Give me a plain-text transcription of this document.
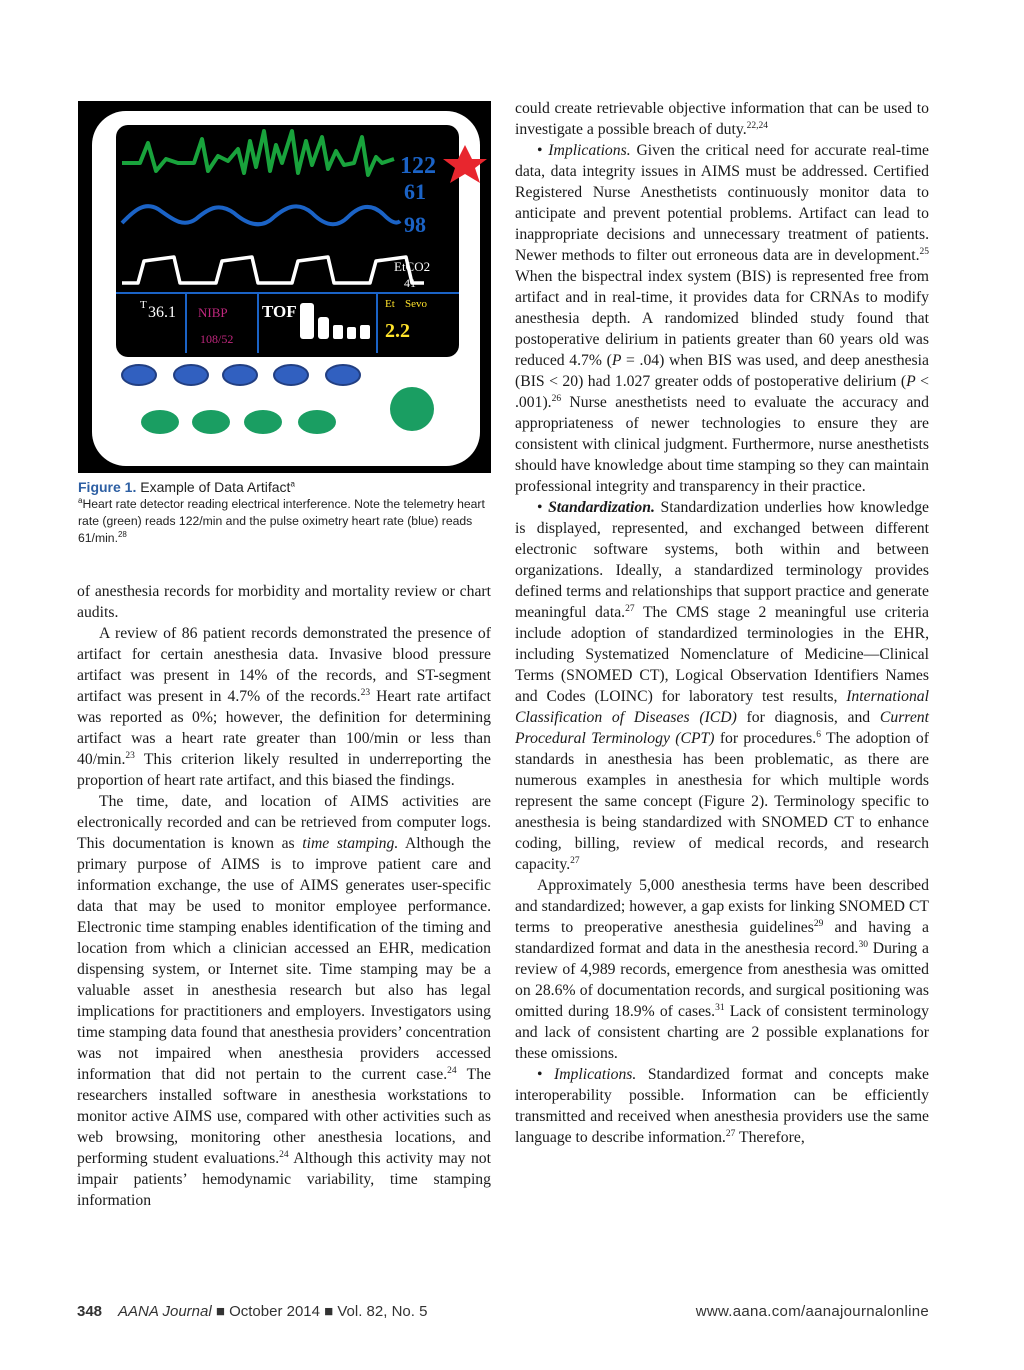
122
61
98
EtCO2
41
T 36.1 NIBP
108/52
TOF	Et Sevo
2.2
Figure 1. Example of Data Artifact$^a$
$^a$Heart rate detector reading electrical interference. Note the telemetry heart rate (green) reads 122/min and the pulse oximetry heart rate (blue) reads 61/min.$^{28}$

of anesthesia records for morbidity and mortality review or chart audits.

A review of 86 patient records demonstrated the presence of artifact for certain anesthesia data. Invasive blood pressure artifact was present in 14% of the records, and ST-segment artifact was present in 4.7% of the records.$^{23}$ Heart rate artifact was reported as 0%; however, the definition for determining artifact was a heart rate greater than 100/min or less than 40/min.$^{23}$ This criterion likely resulted in underreporting the proportion of heart rate artifact, and this biased the findings.

The time, date, and location of AIMS activities are electronically recorded and can be retrieved from computer logs. This documentation is known as time stamping. Although the primary purpose of AIMS is to improve patient care and information exchange, the use of AIMS generates user-specific data that may be used to monitor employee performance. Electronic time stamping enables identification of the timing and location from which a clinician accessed an EHR, medication dispensing system, or Internet site. Time stamping may be a valuable asset in anesthesia research but also has legal implications for practitioners and employers. Investigators using time stamping data found that anesthesia providers’ concentration was not impaired when anesthesia providers accessed information that did not pertain to the current case.$^{24}$ The researchers installed software in anesthesia workstations to monitor active AIMS use, compared with other activities such as web browsing, monitoring other anesthesia locations, and performing student evaluations.$^{24}$ Although this activity may not impair patients’ hemodynamic variability, time stamping information

could create retrievable objective information that can be used to investigate a possible breach of duty.$^{22,24}$

• Implications. Given the critical need for accurate real-time data, data integrity issues in AIMS must be addressed. Certified Registered Nurse Anesthetists continuously monitor data to anticipate and prevent potential problems. Artifact can lead to inappropriate decisions and unnecessary treatment of patients. Newer methods to filter out erroneous data are in development.$^{25}$ When the bispectral index system (BIS) is represented free from artifact and in real-time, it provides data for CRNAs to modify anesthesia depth. A randomized blinded study found that postoperative delirium in patients greater than 60 years old was reduced 4.7% (P = .04) when BIS was used, and deep anesthesia (BIS < 20) had 1.027 greater odds of postoperative delirium (P < .001).$^{26}$ Nurse anesthetists need to evaluate the accuracy and appropriateness of newer technologies to ensure they are consistent with clinical judgment. Furthermore, nurse anesthetists should have knowledge about time stamping so they can maintain professional integrity and transparency in their practice.

• Standardization. Standardization underlies how knowledge is displayed, represented, and exchanged between different electronic software systems, both within and between organizations. Ideally, a standardized terminology provides defined terms and relationships that support practice and generate meaningful data.$^{27}$ The CMS stage 2 meaningful use criteria include adoption of standardized terminologies in the EHR, including Systematized Nomenclature of Medicine—Clinical Terms (SNOMED CT), Logical Observation Identifiers Names and Codes (LOINC) for laboratory test results, International Classification of Diseases (ICD) for diagnosis, and Current Procedural Terminology (CPT) for procedures.$^6$ The adoption of standards in anesthesia has been problematic, as there are numerous examples in anesthesia for which multiple words represent the same concept (Figure 2). Terminology specific to anesthesia is being standardized with SNOMED CT to enhance coding, billing, review of medical records, and research capacity.$^{27}$

Approximately 5,000 anesthesia terms have been described and standardized; however, a gap exists for linking SNOMED CT terms to preoperative anesthesia guidelines$^{29}$ and having a standardized format and data in the anesthesia record.$^{30}$ During a review of 4,989 records, emergence from anesthesia was omitted on 28.6% of documentation records, and surgical positioning was omitted during 18.9% of cases.$^{31}$ Lack of consistent terminology and lack of consistent charting are 2 possible explanations for these omissions.

• Implications. Standardized format and concepts make interoperability possible. Information can be efficiently transmitted and received when anesthesia providers use the same language to describe information.$^{27}$ Therefore,

348 AANA Journal ■ October 2014 ■ Vol. 82, No. 5	www.aana.com/aanajournalonline
